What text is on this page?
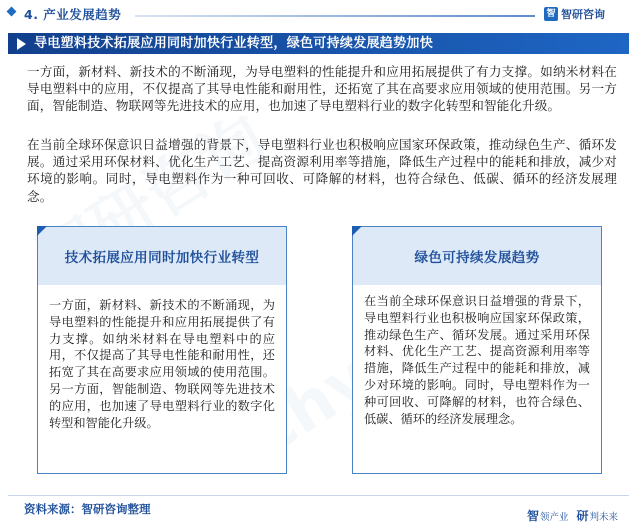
4. 产业发展趋势	智 智研咨询
导电塑料技术拓展应用同时加快行业转型，绿色可持续发展趋势加快

一方面，新材料、新技术的不断涌现，为导电塑料的性能提升和应用拓展提供了有力支撑。如纳米材料在导电塑料中的应用，不仅提高了其导电性能和耐用性，还拓宽了其在高要求应用领域的使用范围。另一方面，智能制造、物联网等先进技术的应用，也加速了导电塑料行业的数字化转型和智能化升级。

在当前全球环保意识日益增强的背景下，导电塑料行业也积极响应国家环保政策，推动绿色生产、循环发展。通过采用环保材料、优化生产工艺、提高资源利用率等措施，降低生产过程中的能耗和排放，减少对环境的影响。同时，导电塑料作为一种可回收、可降解的材料，也符合绿色、低碳、循环的经济发展理念。

技术拓展应用同时加快行业转型

一方面，新材料、新技术的不断涌现，为导电塑料的性能提升和应用拓展提供了有力支撑。如纳米材料在导电塑料中的应用，不仅提高了其导电性能和耐用性，还拓宽了其在高要求应用领域的使用范围。另一方面，智能制造、物联网等先进技术的应用，也加速了导电塑料行业的数字化转型和智能化升级。

绿色可持续发展趋势

在当前全球环保意识日益增强的背景下，导电塑料行业也积极响应国家环保政策，推动绿色生产、循环发展。通过采用环保材料、优化生产工艺、提高资源利用率等措施，降低生产过程中的能耗和排放，减少对环境的影响。同时，导电塑料作为一种可回收、可降解的材料，也符合绿色、低碳、循环的经济发展理念。

资料来源：智研咨询整理	智 领产业 研 判未来
